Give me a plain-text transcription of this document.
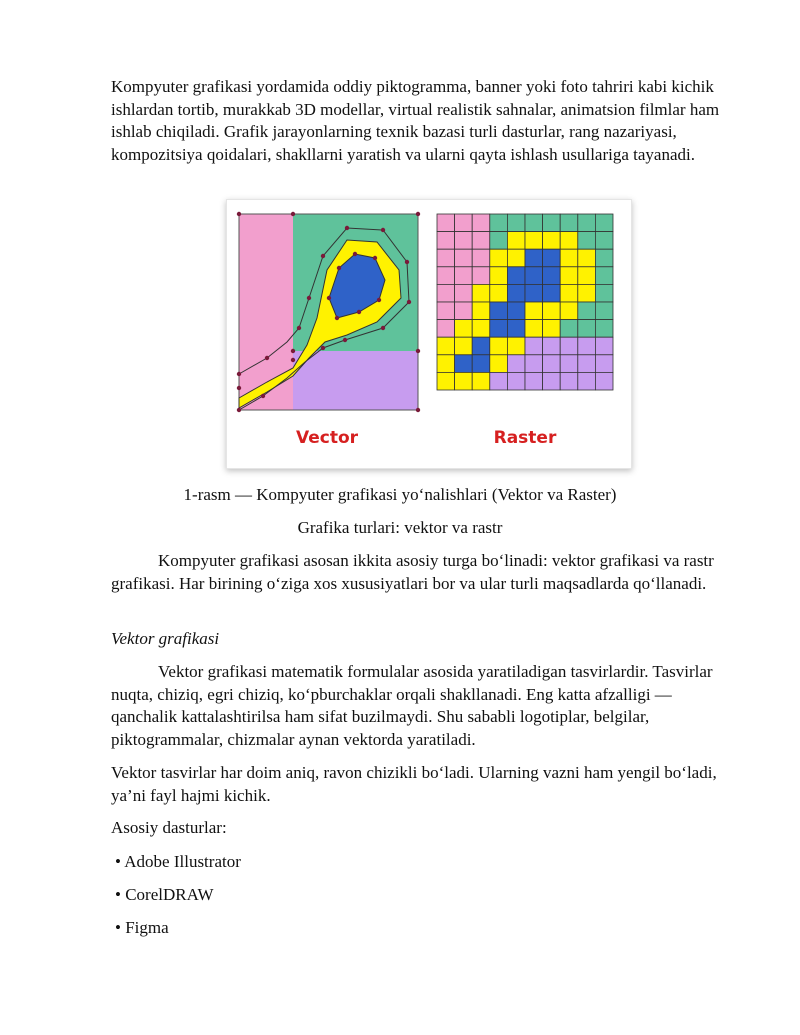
Kompyuter grafikasi yordamida oddiy piktogramma, banner yoki foto tahriri kabi kichik ishlardan tortib, murakkab 3D modellar, virtual realistik sahnalar, animatsion filmlar ham ishlab chiqiladi. Grafik jarayonlarning texnik bazasi turli dasturlar, rang nazariyasi, kompozitsiya qoidalari, shakllarni yaratish va ularni qayta ishlash usullariga tayanadi.

Kompyuter grafikasi asosan ikkita asosiy turga bo‘linadi: vektor grafikasi va rastr grafikasi. Har birining o‘ziga xos xususiyatlari bor va ular turli maqsadlarda qo‘llanadi.
Vektor grafikasi
Vektor grafikasi matematik formulalar asosida yaratiladigan tasvirlardir. Tasvirlar nuqta, chiziq, egri chiziq, ko‘pburchaklar orqali shakllanadi. Eng katta afzalligi — qanchalik kattalashtirilsa ham sifat buzilmaydi. Shu sababli logotiplar, belgilar, piktogrammalar, chizmalar aynan vektorda yaratiladi.

Vektor tasvirlar har doim aniq, ravon chizikli bo‘ladi. Ularning vazni ham yengil bo‘ladi, ya’ni fayl hajmi kichik.

Asosiy dasturlar:
• Adobe Illustrator
• CorelDRAW
• Figma
Vector	Raster
1-rasm — Kompyuter grafikasi yo‘nalishlari (Vektor va Raster)
Grafika turlari: vektor va rastr
